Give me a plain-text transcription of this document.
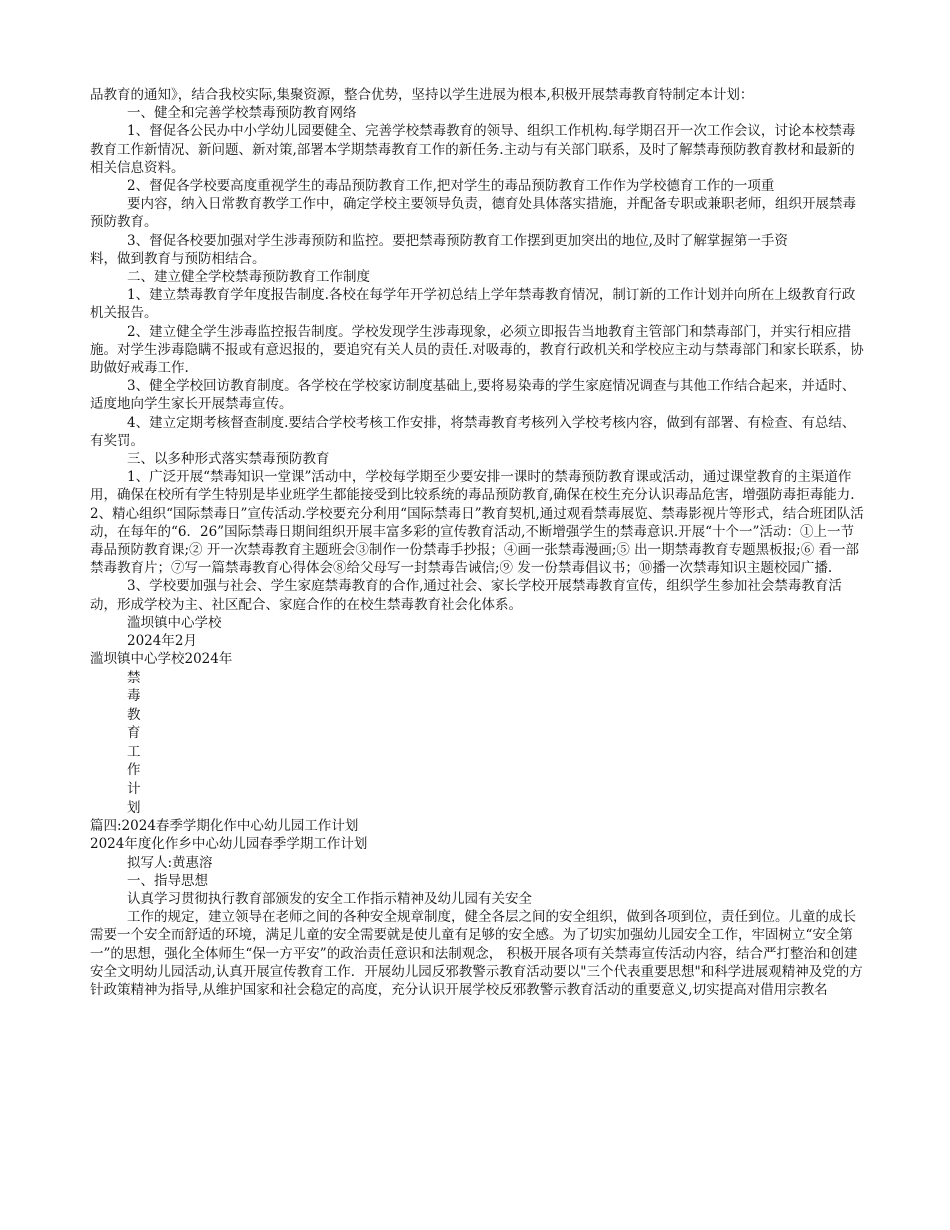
品教育的通知》，结合我校实际,集聚资源，整合优势，坚持以学生进展为根本,积极开展禁毒教育特制定本计划：

一、健全和完善学校禁毒预防教育网络

1、督促各公民办中小学幼儿园要健全、完善学校禁毒教育的领导、组织工作机构.每学期召开一次工作会议，讨论本校禁毒教育工作新情况、新问题、新对策,部署本学期禁毒教育工作的新任务.主动与有关部门联系，及时了解禁毒预防教育教材和最新的相关信息资料。

2、督促各学校要高度重视学生的毒品预防教育工作,把对学生的毒品预防教育工作作为学校德育工作的一项重

要内容，纳入日常教育教学工作中，确定学校主要领导负责，德育处具体落实措施，并配备专职或兼职老师，组织开展禁毒预防教育。

3、督促各校要加强对学生涉毒预防和监控。要把禁毒预防教育工作摆到更加突出的地位,及时了解掌握第一手资

料，做到教育与预防相结合。

二、建立健全学校禁毒预防教育工作制度

1、建立禁毒教育学年度报告制度.各校在每学年开学初总结上学年禁毒教育情况，制订新的工作计划并向所在上级教育行政机关报告。

2、建立健全学生涉毒监控报告制度。学校发现学生涉毒现象，必须立即报告当地教育主管部门和禁毒部门，并实行相应措施。对学生涉毒隐瞒不报或有意迟报的，要追究有关人员的责任.对吸毒的，教育行政机关和学校应主动与禁毒部门和家长联系，协助做好戒毒工作.

3、健全学校回访教育制度。各学校在学校家访制度基础上,要将易染毒的学生家庭情况调查与其他工作结合起来，并适时、适度地向学生家长开展禁毒宣传。

4、建立定期考核督查制度.要结合学校考核工作安排，将禁毒教育考核列入学校考核内容，做到有部署、有检查、有总结、有奖罚。

三、以多种形式落实禁毒预防教育

1、广泛开展“禁毒知识一堂课”活动中，学校每学期至少要安排一课时的禁毒预防教育课或活动，通过课堂教育的主渠道作用，确保在校所有学生特别是毕业班学生都能接受到比较系统的毒品预防教育,确保在校生充分认识毒品危害，增强防毒拒毒能力.

2、精心组织“国际禁毒日”宣传活动.学校要充分利用“国际禁毒日”教育契机,通过观看禁毒展览、禁毒影视片等形式，结合班团队活动，在每年的“6．26”国际禁毒日期间组织开展丰富多彩的宣传教育活动,不断增强学生的禁毒意识.开展“十个一”活动：①上一节毒品预防教育课;② 开一次禁毒教育主题班会③制作一份禁毒手抄报；④画一张禁毒漫画;⑤ 出一期禁毒教育专题黑板报;⑥ 看一部禁毒教育片；⑦写一篇禁毒教育心得体会⑧给父母写一封禁毒告诫信;⑨ 发一份禁毒倡议书；⑩播一次禁毒知识主题校园广播.

3、学校要加强与社会、学生家庭禁毒教育的合作,通过社会、家长学校开展禁毒教育宣传，组织学生参加社会禁毒教育活动，形成学校为主、社区配合、家庭合作的在校生禁毒教育社会化体系。

滥坝镇中心学校

2024年2月

滥坝镇中心学校2024年

禁

毒

教

育

工

作

计

划

篇四:2024春季学期化作中心幼儿园工作计划

2024年度化作乡中心幼儿园春季学期工作计划

拟写人:黄惠溶

一、指导思想

认真学习贯彻执行教育部颁发的安全工作指示精神及幼儿园有关安全

工作的规定，建立领导在老师之间的各种安全规章制度，健全各层之间的安全组织，做到各项到位，责任到位。儿童的成长需要一个安全而舒适的环境，满足儿童的安全需要就是使儿童有足够的安全感。为了切实加强幼儿园安全工作，牢固树立“安全第一”的思想，强化全体师生“保一方平安”的政治责任意识和法制观念， 积极开展各项有关禁毒宣传活动内容，结合严打整治和创建安全文明幼儿园活动,认真开展宣传教育工作．开展幼儿园反邪教警示教育活动要以"三个代表重要思想"和科学进展观精神及党的方针政策精神为指导,从维护国家和社会稳定的高度，充分认识开展学校反邪教警示教育活动的重要意义,切实提高对借用宗教名
